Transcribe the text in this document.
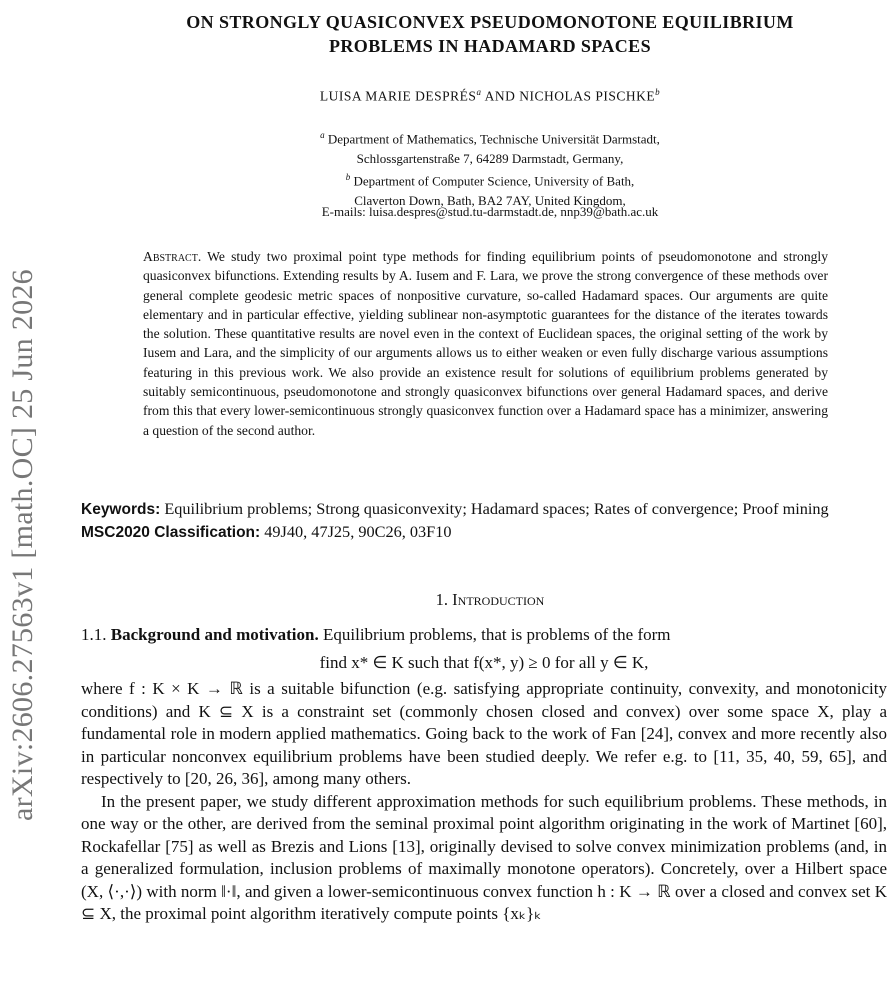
arXiv:2606.27563v1 [math.OC] 25 Jun 2026
ON STRONGLY QUASICONVEX PSEUDOMONOTONE EQUILIBRIUM
PROBLEMS IN HADAMARD SPACES
LUISA MARIE DESPRÉS$^a$ AND NICHOLAS PISCHKE$^b$
$^a$ Department of Mathematics, Technische Universität Darmstadt,
Schlossgartenstraße 7, 64289 Darmstadt, Germany,
$^b$ Department of Computer Science, University of Bath,
Claverton Down, Bath, BA2 7AY, United Kingdom,
E-mails: luisa.despres@stud.tu-darmstadt.de, nnp39@bath.ac.uk
Abstract. We study two proximal point type methods for finding equilibrium points of pseudomonotone and strongly quasiconvex bifunctions. Extending results by A. Iusem and F. Lara, we prove the strong convergence of these methods over general complete geodesic metric spaces of nonpositive curvature, so-called Hadamard spaces. Our arguments are quite elementary and in particular effective, yielding sublinear non-asymptotic guarantees for the distance of the iterates towards the solution. These quantitative results are novel even in the context of Euclidean spaces, the original setting of the work by Iusem and Lara, and the simplicity of our arguments allows us to either weaken or even fully discharge various assumptions featuring in this previous work. We also provide an existence result for solutions of equilibrium problems generated by suitably semicontinuous, pseudomonotone and strongly quasiconvex bifunctions over general Hadamard spaces, and derive from this that every lower-semicontinuous strongly quasiconvex function over a Hadamard space has a minimizer, answering a question of the second author.
Keywords: Equilibrium problems; Strong quasiconvexity; Hadamard spaces; Rates of convergence; Proof mining
MSC2020 Classification: 49J40, 47J25, 90C26, 03F10
1. Introduction

1.1. Background and motivation. Equilibrium problems, that is problems of the form

find x* ∈ K such that f(x*, y) ≥ 0 for all y ∈ K,

where f : K × K → ℝ is a suitable bifunction (e.g. satisfying appropriate continuity, convexity, and monotonicity conditions) and K ⊆ X is a constraint set (commonly chosen closed and convex) over some space X, play a fundamental role in modern applied mathematics. Going back to the work of Fan [24], convex and more recently also in particular nonconvex equilibrium problems have been studied deeply. We refer e.g. to [11, 35, 40, 59, 65], and respectively to [20, 26, 36], among many others.

In the present paper, we study different approximation methods for such equilibrium problems. These methods, in one way or the other, are derived from the seminal proximal point algorithm originating in the work of Martinet [60], Rockafellar [75] as well as Brezis and Lions [13], originally devised to solve convex minimization problems (and, in a generalized formulation, inclusion problems of maximally monotone operators). Concretely, over a Hilbert space (X, ⟨·,·⟩) with norm ‖·‖, and given a lower-semicontinuous convex function h : K → ℝ over a closed and convex set K ⊆ X, the proximal point algorithm iteratively compute points {xₖ}ₖ
